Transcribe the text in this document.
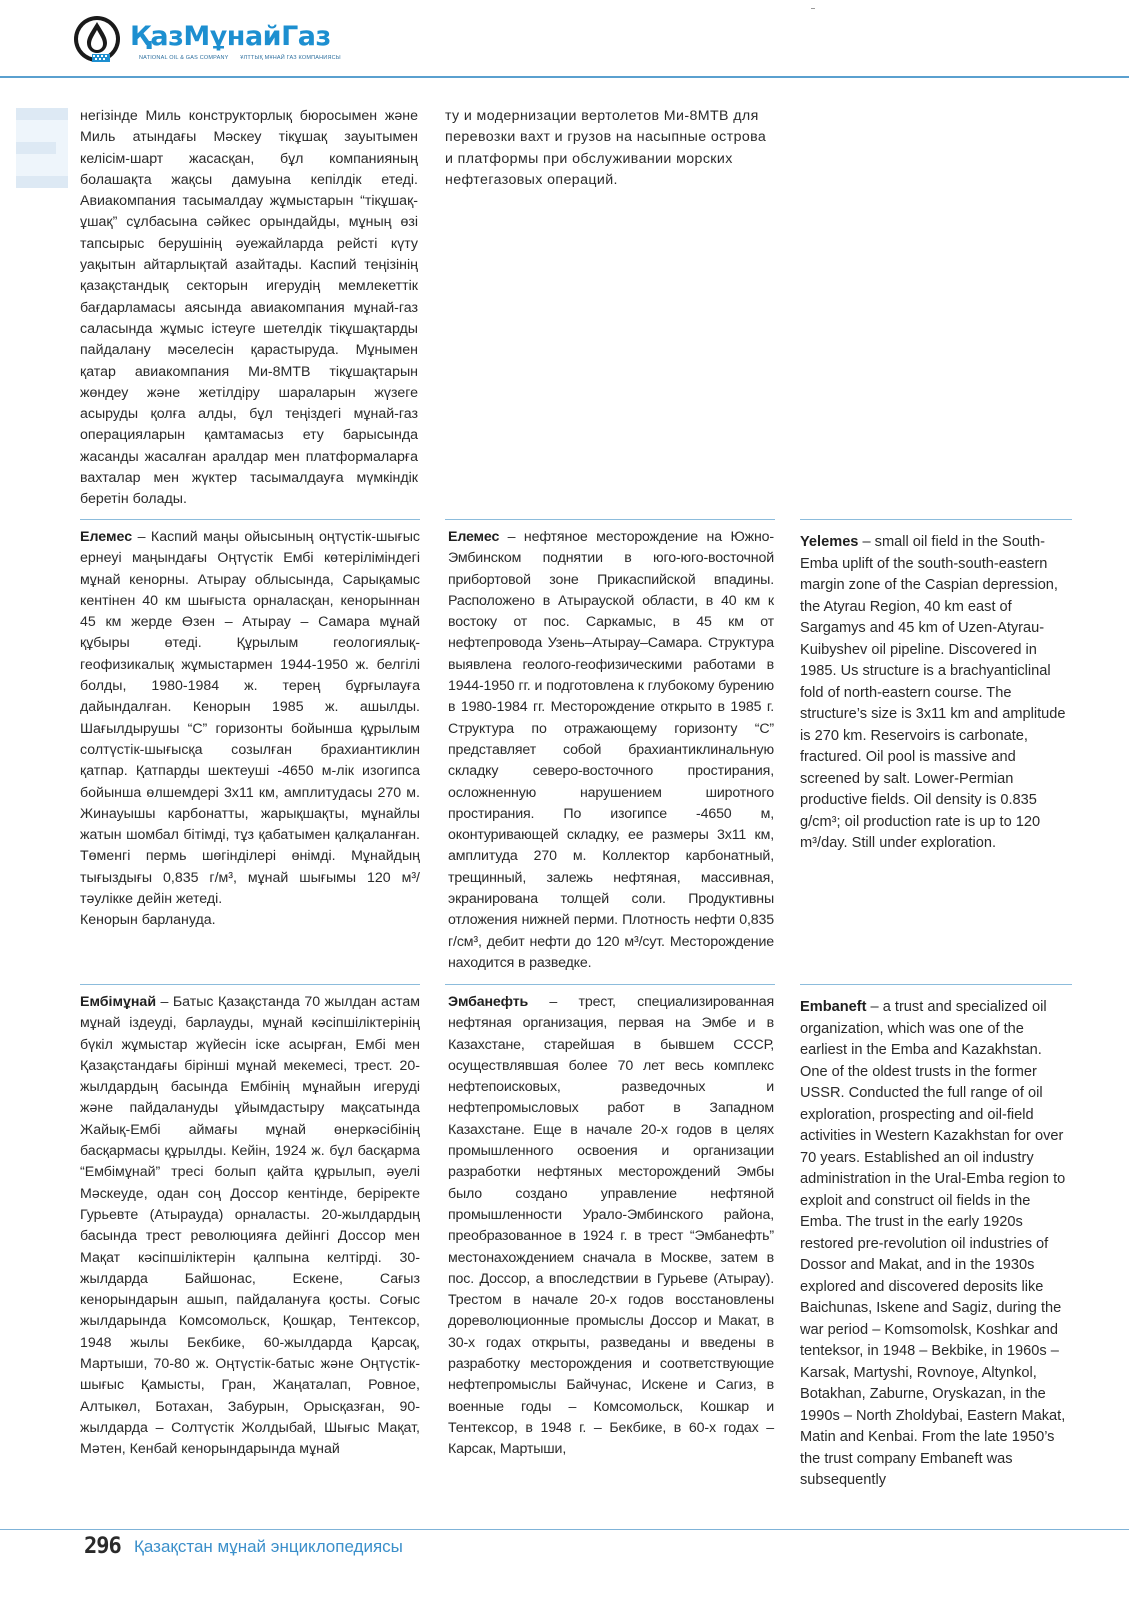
ҚазМұнайГаз
NATIONAL OIL & GAS COMPANY ҰЛТТЫҚ МҰНАЙ ГАЗ КОМПАНИЯСЫ

негізінде Миль конструкторлық бюросымен және Миль атындағы Мәскеу тікұшақ зауытымен келісім-шарт жасасқан, бұл компанияның болашақта жақсы дамуына кепілдік етеді. Авиакомпания тасымалдау жұмыстарын “тікұшақ-ұшақ” сұлбасына сәйкес орындайды, мұның өзі тапсырыс берушінің әуежайларда рейсті күту уақытын айтарлықтай азайтады. Каспий теңізінің қазақстандық секторын игерудің мемлекеттік бағдарламасы аясында авиакомпания мұнай-газ саласында жұмыс істеуге шетелдік тікұшақтарды пайдалану мәселесін қарастыруда. Мұнымен қатар авиакомпания Ми-8МТВ тікұшақтарын жөндеу және жетілдіру шараларын жүзеге асыруды қолға алды, бұл теңіздегі мұнай-газ операцияларын қамтамасыз ету барысында жасанды жасалған аралдар мен платформаларға вахталар мен жүктер тасымалдауға мүмкіндік беретін болады.

ту и модернизации вертолетов Ми-8МТВ для перевозки вахт и грузов на насыпные острова и платформы при обслуживании морских нефтегазовых операций.

Елемес – Каспий маңы ойысының оңтүстік-шығыс ернеуі маңындағы Оңтүстік Ембі көтеріліміндегі мұнай кенорны. Атырау облысында, Сарықамыс кентінен 40 км шығыста орналасқан, кенорыннан 45 км жерде Өзен – Атырау – Самара мұнай құбыры өтеді. Құрылым геологиялық-геофизикалық жұмыстармен 1944-1950 ж. белгілі болды, 1980-1984 ж. терең бұрғылауға дайындалған. Кенорын 1985 ж. ашылды. Шағылдырушы “С” горизонты бойынша құрылым солтүстік-шығысқа созылған брахиантиклин қатпар. Қатпарды шектеуші -4650 м-лік изогипса бойынша өлшемдері 3х11 км, амплитудасы 270 м. Жинауышы карбонатты, жарықшақты, мұнайлы жатын шомбал бітімді, тұз қабатымен қалқаланған. Төменгі пермь шөгінділері өнімді. Мұнайдың тығыздығы 0,835 г/м³, мұнай шығымы 120 м³/тәулікке дейін жетеді.

Кенорын барлануда.

Елемес – нефтяное месторождение на Южно-Эмбинском поднятии в юго-юго-восточной прибортовой зоне Прикаспийской впадины. Расположено в Атырауской области, в 40 км к востоку от пос. Саркамыс, в 45 км от нефтепровода Узень–Атырау–Самара. Структура выявлена геолого-геофизическими работами в 1944-1950 гг. и подготовлена к глубокому бурению в 1980-1984 гг. Месторождение открыто в 1985 г. Структура по отражающему горизонту “С” представляет собой брахиантиклинальную складку северо-восточного простирания, осложненную нарушением широтного простирания. По изогипсе -4650 м, оконтуривающей складку, ее размеры 3х11 км, амплитуда 270 м. Коллектор карбонатный, трещинный, залежь нефтяная, массивная, экранирована толщей соли. Продуктивны отложения нижней перми. Плотность нефти 0,835 г/см³, дебит нефти до 120 м³/сут. Месторождение находится в разведке.

Yelemes – small oil field in the South-Emba uplift of the south-south-eastern margin zone of the Caspian depression, the Atyrau Region, 40 km east of Sargamys and 45 km of Uzen-Atyrau-Kuibyshev oil pipeline. Discovered in 1985. Us structure is a brachyanticlinal fold of north-eastern course. The structure’s size is 3x11 km and amplitude is 270 km. Reservoirs is carbonate, fractured. Oil pool is massive and screened by salt. Lower-Permian productive fields. Oil density is 0.835 g/cm³; oil production rate is up to 120 m³/day. Still under exploration.

Ембімұнай – Батыс Қазақстанда 70 жылдан астам мұнай іздеуді, барлауды, мұнай кәсіпшіліктерінің бүкіл жұмыстар жүйесін іске асырған, Ембі мен Қазақстандағы бірінші мұнай мекемесі, трест. 20-жылдардың басында Ембінің мұнайын игеруді және пайдалануды ұйымдастыру мақсатында Жайық-Ембі аймағы мұнай өнеркәсібінің басқармасы құрылды. Кейін, 1924 ж. бұл басқарма “Ембімұнай” тресі болып қайта құрылып, әуелі Мәскеуде, одан соң Доссор кентінде, беріректе Гурьевте (Атырауда) орналасты. 20-жылдардың басында трест революцияға дейінгі Доссор мен Мақат кәсіпшіліктерін қалпына келтірді. 30-жылдарда Байшонас, Ескене, Сағыз кенорындарын ашып, пайдалануға қосты. Соғыс жылдарында Комсомольск, Қошқар, Тентексор, 1948 жылы Бекбике, 60-жылдарда Қарсақ, Мартыши, 70-80 ж. Оңтүстік-батыс және Оңтүстік-шығыс Қамысты, Гран, Жаңаталап, Ровное, Алтыкөл, Ботахан, Забурын, Орысқазған, 90-жылдарда – Солтүстік Жолдыбай, Шығыс Мақат, Мәтен, Кенбай кенорындарында мұнай

Эмбанефть – трест, специализированная нефтяная организация, первая на Эмбе и в Казахстане, старейшая в бывшем СССР, осуществлявшая более 70 лет весь комплекс нефтепоисковых, разведочных и нефтепромысловых работ в Западном Казахстане. Еще в начале 20-х годов в целях промышленного освоения и организации разработки нефтяных месторождений Эмбы было создано управление нефтяной промышленности Урало-Эмбинского района, преобразованное в 1924 г. в трест “Эмбанефть” местонахождением сначала в Москве, затем в пос. Доссор, а впоследствии в Гурьеве (Атырау). Трестом в начале 20-х годов восстановлены дореволюционные промыслы Доссор и Макат, в 30-х годах открыты, разведаны и введены в разработку месторождения и соответствующие нефтепромыслы Байчунас, Искене и Сагиз, в военные годы – Комсомольск, Кошкар и Тентексор, в 1948 г. – Бекбике, в 60-х годах – Карсак, Мартыши,

Embaneft – a trust and specialized oil organization, which was one of the earliest in the Emba and Kazakhstan. One of the oldest trusts in the former USSR. Conducted the full range of oil exploration, prospecting and oil-field activities in Western Kazakhstan for over 70 years. Established an oil industry administration in the Ural-Emba region to exploit and construct oil fields in the Emba. The trust in the early 1920s restored pre-revolution oil industries of Dossor and Makat, and in the 1930s explored and discovered deposits like Baichunas, Iskene and Sagiz, during the war period – Komsomolsk, Koshkar and tenteksor, in 1948 – Bekbike, in 1960s – Karsak, Martyshi, Rovnoye, Altynkol, Botakhan, Zaburne, Oryskazan, in the 1990s – North Zholdybai, Eastern Makat, Matin and Kenbai. From the late 1950’s the trust company Embaneft was subsequently

296 Қазақстан мұнай энциклопедиясы
